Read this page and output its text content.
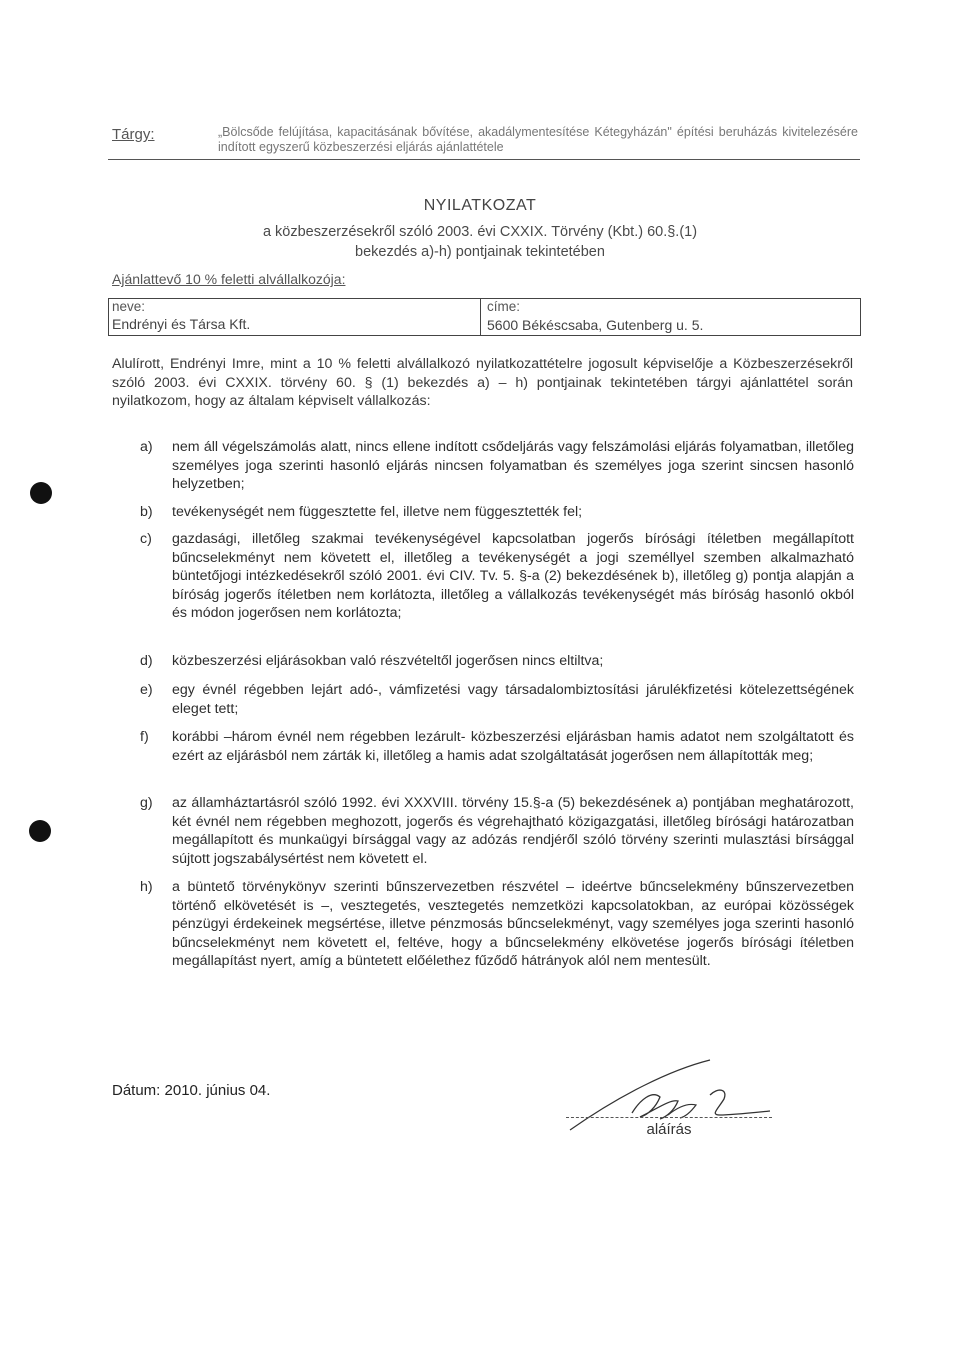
Tárgy:	„Bölcsőde felújítása, kapacitásának bővítése, akadálymentesítése Kétegyházán" építési beruházás kivitelezésére indított egyszerű közbeszerzési eljárás ajánlattétele
NYILATKOZAT
a közbeszerzésekről szóló 2003. évi CXXIX. Törvény (Kbt.) 60.§.(1)
bekezdés a)-h) pontjainak tekintetében
Ajánlattevő 10 % feletti alvállalkozója:
neve:
Endrényi és Társa Kft.
címe:
5600 Békéscsaba, Gutenberg u. 5.
Alulírott, Endrényi Imre, mint a 10 % feletti alvállalkozó nyilatkozattételre jogosult képviselője a Közbeszerzésekről szóló 2003. évi CXXIX. törvény 60. § (1) bekezdés a) – h) pontjainak tekintetében tárgyi ajánlattétel során nyilatkozom, hogy az általam képviselt vállalkozás:
a)	nem áll végelszámolás alatt, nincs ellene indított csődeljárás vagy felszámolási eljárás folyamatban, illetőleg személyes joga szerinti hasonló eljárás nincsen folyamatban és személyes joga szerint sincsen hasonló helyzetben;
b)	tevékenységét nem függesztette fel, illetve nem függesztették fel;
c)	gazdasági, illetőleg szakmai tevékenységével kapcsolatban jogerős bírósági ítéletben megállapított bűncselekményt nem követett el, illetőleg a tevékenységét a jogi személlyel szemben alkalmazható büntetőjogi intézkedésekről szóló 2001. évi CIV. Tv. 5. §-a (2) bekezdésének b), illetőleg g) pontja alapján a bíróság jogerős ítéletben nem korlátozta, illetőleg a vállalkozás tevékenységét más bíróság hasonló okból és módon jogerősen nem korlátozta;
d)	közbeszerzési eljárásokban való részvételtől jogerősen nincs eltiltva;
e)	egy évnél régebben lejárt adó-, vámfizetési vagy társadalombiztosítási járulékfizetési kötelezettségének eleget tett;
f)	korábbi –három évnél nem régebben lezárult- közbeszerzési eljárásban hamis adatot nem szolgáltatott és ezért az eljárásból nem zárták ki, illetőleg a hamis adat szolgáltatását jogerősen nem állapították meg;
g)	az államháztartásról szóló 1992. évi XXXVIII. törvény 15.§-a (5) bekezdésének a) pontjában meghatározott, két évnél nem régebben meghozott, jogerős és végrehajtható közigazgatási, illetőleg bírósági határozatban megállapított és munkaügyi bírsággal vagy az adózás rendjéről szóló törvény szerinti mulasztási bírsággal sújtott jogszabálysértést nem követett el.
h)	a büntető törvénykönyv szerinti bűnszervezetben részvétel – ideértve bűncselekmény bűnszervezetben történő elkövetését is –, vesztegetés, vesztegetés nemzetközi kapcsolatokban, az európai közösségek pénzügyi érdekeinek megsértése, illetve pénzmosás bűncselekményt, vagy személyes joga szerinti hasonló bűncselekményt nem követett el, feltéve, hogy a bűncselekmény elkövetése jogerős bírósági ítéletben megállapítást nyert, amíg a büntetett előélethez fűződő hátrányok alól nem mentesült.
Dátum: 2010. június 04.
aláírás
